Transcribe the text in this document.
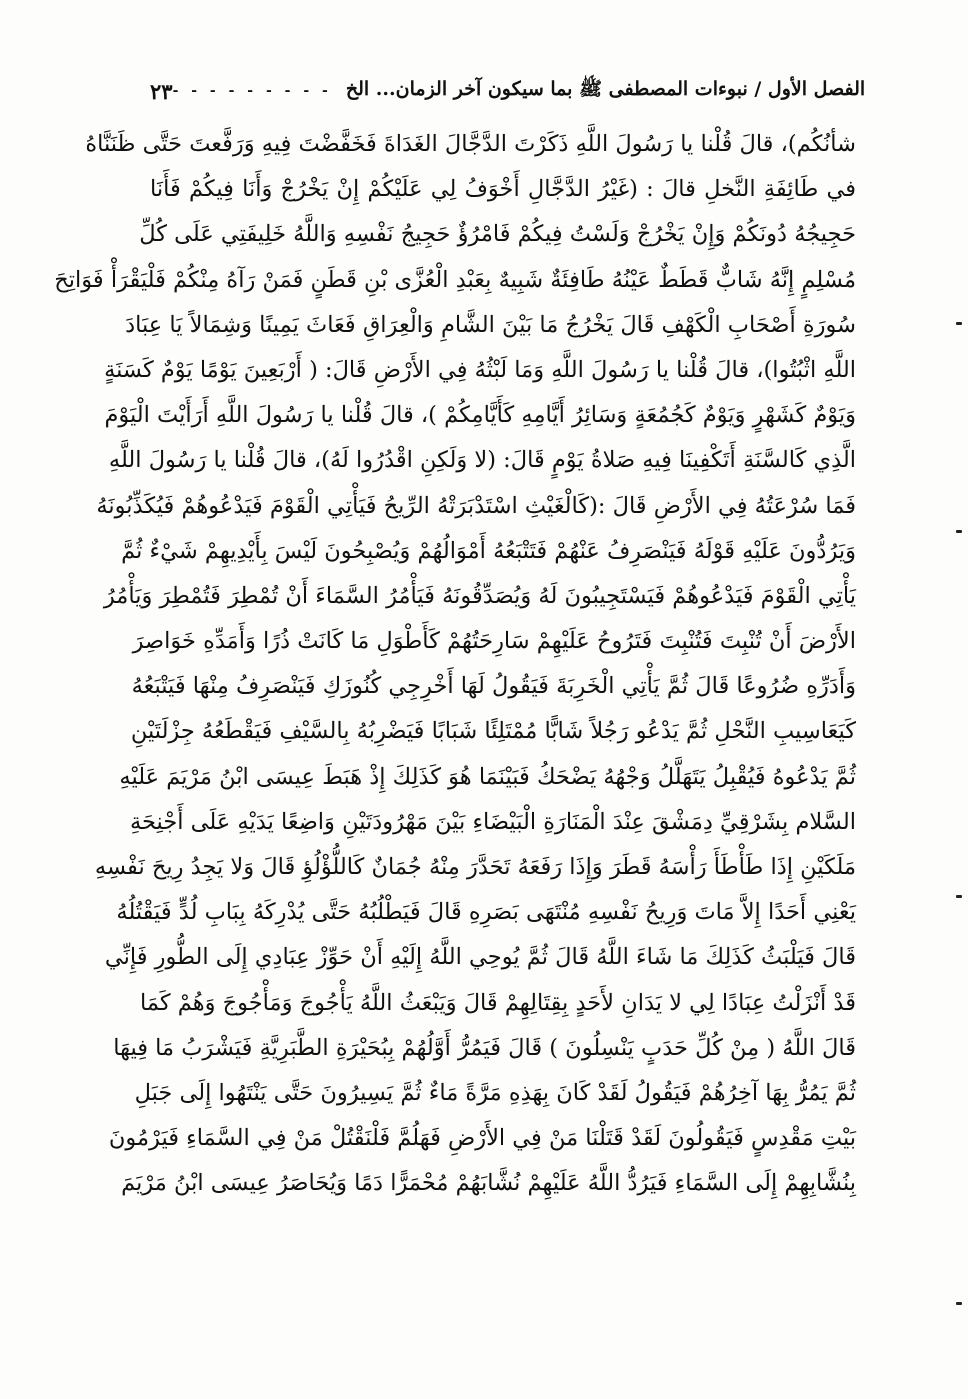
٢٣ - - - - - - - - - الفصل الأول / نبوءات المصطفى ﷺ بما سيكون آخر الزمان... الخ
شأنُكُم)، قالَ قُلْنا يا رَسُولَ اللَّهِ ذَكَرْتَ الدَّجَّالَ الغَدَاةَ فَخَفَّضْتَ فِيهِ وَرَفَّعتَ حَتَّى ظَنَنَّاهُ
في طَائِفَةِ النَّخلِ قالَ : (غَيْرُ الدَّجَّالِ أَخْوَفُ لِي عَلَيْكُمْ إِنْ يَخْرُجْ وَأَنَا فِيكُمْ فَأَنَا
حَجِيجُهُ دُونَكُمْ وَإِنْ يَخْرُجْ وَلَسْتُ فِيكُمْ فَامْرُؤٌ حَجِيجُ نَفْسِهِ وَاللَّهُ خَلِيفَتِي عَلَى كُلِّ
مُسْلِمٍ إِنَّهُ شَابٌّ قَطَطٌ عَيْنُهُ طَافِئَةٌ شَبِيهٌ بِعَبْدِ الْعُزَّى بْنِ قَطَنٍ فَمَنْ رَآهُ مِنْكُمْ فَلْيَقْرَأْ فَوَاتِحَ
سُورَةِ أَصْحَابِ الْكَهْفِ قَالَ يَخْرُجُ مَا بَيْنَ الشَّامِ وَالْعِرَاقِ فَعَاثَ يَمِينًا وَشِمَالاً يَا عِبَادَ
اللَّهِ اثْبُتُوا)، قالَ قُلْنا يا رَسُولَ اللَّهِ وَمَا لَبْثُهُ فِي الأَرْضِ قَالَ: ( أَرْبَعِينَ يَوْمًا يَوْمٌ كَسَنَةٍ
وَيَوْمٌ كَشَهْرٍ وَيَوْمٌ كَجُمُعَةٍ وَسَائِرُ أَيَّامِهِ كَأَيَّامِكُمْ )، قالَ قُلْنا يا رَسُولَ اللَّهِ أَرَأَيْتَ الْيَوْمَ
الَّذِي كَالسَّنَةِ أَتَكْفِينَا فِيهِ صَلاةُ يَوْمٍ قَالَ: (لا وَلَكِنِ اقْدُرُوا لَهُ)، قالَ قُلْنا يا رَسُولَ اللَّهِ
فَمَا سُرْعَتُهُ فِي الأَرْضِ قَالَ :(كَالْغَيْثِ اسْتَدْبَرَتْهُ الرِّيحُ فَيَأْتِي الْقَوْمَ فَيَدْعُوهُمْ فَيُكَذِّبُونَهُ
وَيَرُدُّونَ عَلَيْهِ قَوْلَهُ فَيَنْصَرِفُ عَنْهُمْ فَتَتْبَعُهُ أَمْوَالُهُمْ وَيُصْبِحُونَ لَيْسَ بِأَيْدِيهِمْ شَيْءٌ ثُمَّ
يَأْتِي الْقَوْمَ فَيَدْعُوهُمْ فَيَسْتَجِيبُونَ لَهُ وَيُصَدِّقُونَهُ فَيَأْمُرُ السَّمَاءَ أَنْ تُمْطِرَ فَتُمْطِرَ وَيَأْمُرُ
الأَرْضَ أَنْ تُنْبِتَ فَتُنْبِتَ فَتَرُوحُ عَلَيْهِمْ سَارِحَتُهُمْ كَأَطْوَلِ مَا كَانَتْ ذُرًا وَأَمَدِّهِ خَوَاصِرَ
وَأَدَرِّهِ ضُرُوعًا قَالَ ثُمَّ يَأْتِي الْخَرِبَةَ فَيَقُولُ لَهَا أَخْرِجِي كُنُوزَكِ فَيَنْصَرِفُ مِنْهَا فَيَتْبَعُهُ
كَيَعَاسِيبِ النَّحْلِ ثُمَّ يَدْعُو رَجُلاً شَابًّا مُمْتَلِئًا شَبَابًا فَيَضْرِبُهُ بِالسَّيْفِ فَيَقْطَعُهُ جِزْلَتَيْنِ
ثُمَّ يَدْعُوهُ فَيُقْبِلُ يَتَهَلَّلُ وَجْهُهُ يَضْحَكُ فَبَيْنَمَا هُوَ كَذَلِكَ إِذْ هَبَطَ عِيسَى ابْنُ مَرْيَمَ عَلَيْهِ
السَّلام بِشَرْقِيِّ دِمَشْقَ عِنْدَ الْمَنَارَةِ الْبَيْضَاءِ بَيْنَ مَهْرُودَتَيْنِ وَاضِعًا يَدَيْهِ عَلَى أَجْنِحَةِ
مَلَكَيْنِ إِذَا طَأْطَأَ رَأْسَهُ قَطَرَ وَإِذَا رَفَعَهُ تَحَدَّرَ مِنْهُ جُمَانٌ كَاللُّؤْلُؤِ قَالَ وَلا يَجِدُ رِيحَ نَفْسِهِ
يَعْنِي أَحَدًا إِلاَّ مَاتَ وَرِيحُ نَفْسِهِ مُنْتَهَى بَصَرِهِ قَالَ فَيَطْلُبُهُ حَتَّى يُدْرِكَهُ بِبَابِ لُدٍّ فَيَقْتُلُهُ
قَالَ فَيَلْبَثُ كَذَلِكَ مَا شَاءَ اللَّهُ قَالَ ثُمَّ يُوحِي اللَّهُ إِلَيْهِ أَنْ حَوِّزْ عِبَادِي إِلَى الطُّورِ فَإِنِّي
قَدْ أَنْزَلْتُ عِبَادًا لِي لا يَدَانِ لأَحَدٍ بِقِتَالِهِمْ قَالَ وَيَبْعَثُ اللَّهُ يَأْجُوجَ وَمَأْجُوجَ وَهُمْ كَمَا
قَالَ اللَّهُ ( مِنْ كُلِّ حَدَبٍ يَنْسِلُونَ ) قَالَ فَيَمُرُّ أَوَّلُهُمْ بِبُحَيْرَةِ الطَّبَرِيَّةِ فَيَشْرَبُ مَا فِيهَا
ثُمَّ يَمُرُّ بِهَا آخِرُهُمْ فَيَقُولُ لَقَدْ كَانَ بِهَذِهِ مَرَّةً مَاءٌ ثُمَّ يَسِيرُونَ حَتَّى يَنْتَهُوا إِلَى جَبَلِ
بَيْتِ مَقْدِسٍ فَيَقُولُونَ لَقَدْ قَتَلْنَا مَنْ فِي الأَرْضِ فَهَلُمَّ فَلْنَقْتُلْ مَنْ فِي السَّمَاءِ فَيَرْمُونَ
بِنُشَّابِهِمْ إِلَى السَّمَاءِ فَيَرُدُّ اللَّهُ عَلَيْهِمْ نُشَّابَهُمْ مُحْمَرًّا دَمًا وَيُحَاصَرُ عِيسَى ابْنُ مَرْيَمَ
